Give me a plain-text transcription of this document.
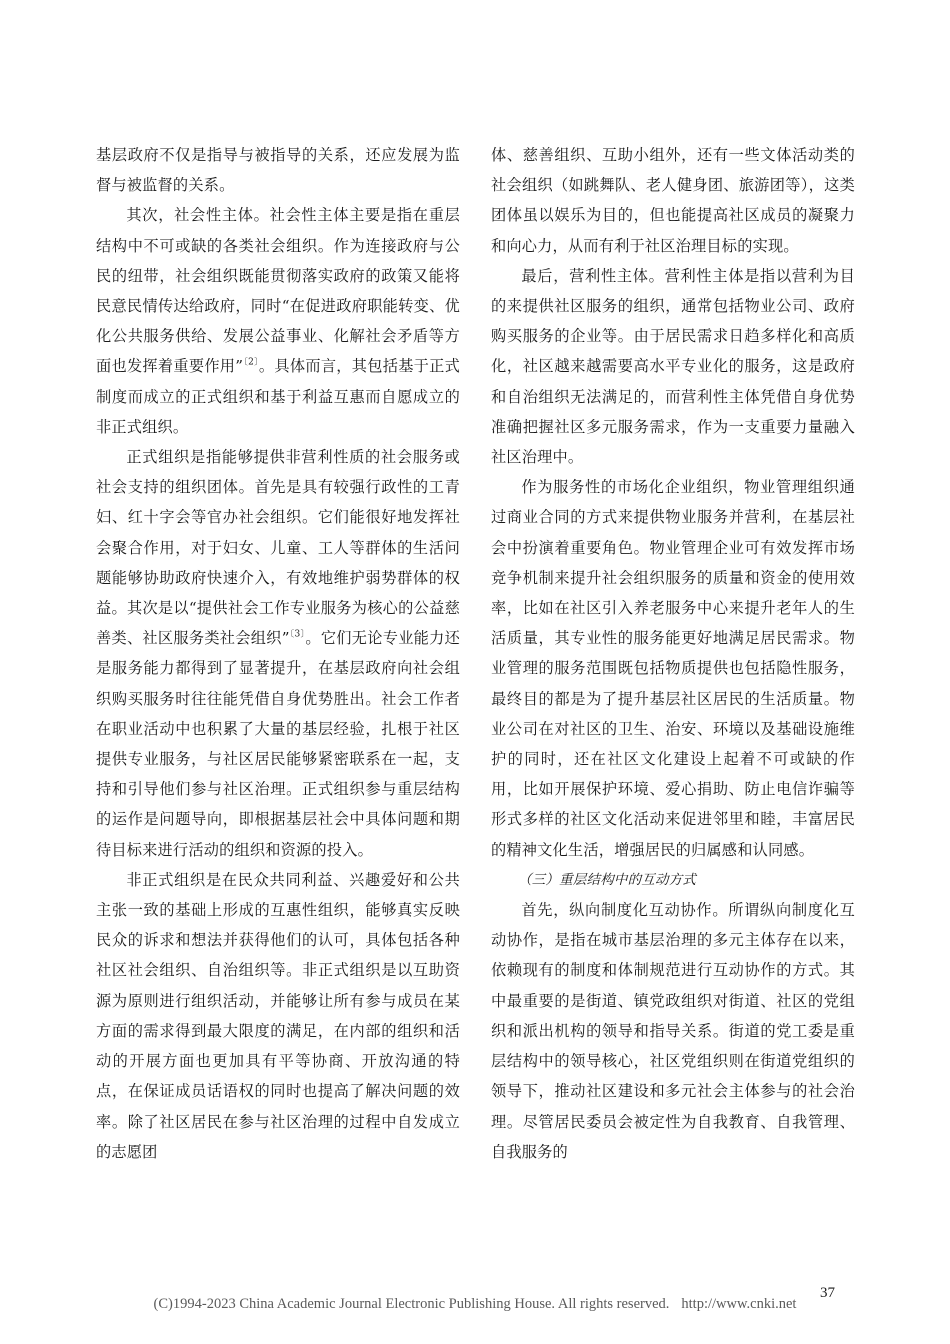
基层政府不仅是指导与被指导的关系，还应发展为监督与被监督的关系。

其次，社会性主体。社会性主体主要是指在重层结构中不可或缺的各类社会组织。作为连接政府与公民的纽带，社会组织既能贯彻落实政府的政策又能将民意民情传达给政府，同时“在促进政府职能转变、优化公共服务供给、发展公益事业、化解社会矛盾等方面也发挥着重要作用”$^{〔2〕}$。具体而言，其包括基于正式制度而成立的正式组织和基于利益互惠而自愿成立的非正式组织。

正式组织是指能够提供非营利性质的社会服务或社会支持的组织团体。首先是具有较强行政性的工青妇、红十字会等官办社会组织。它们能很好地发挥社会聚合作用，对于妇女、儿童、工人等群体的生活问题能够协助政府快速介入，有效地维护弱势群体的权益。其次是以“提供社会工作专业服务为核心的公益慈善类、社区服务类社会组织”$^{〔3〕}$。它们无论专业能力还是服务能力都得到了显著提升，在基层政府向社会组织购买服务时往往能凭借自身优势胜出。社会工作者在职业活动中也积累了大量的基层经验，扎根于社区提供专业服务，与社区居民能够紧密联系在一起，支持和引导他们参与社区治理。正式组织参与重层结构的运作是问题导向，即根据基层社会中具体问题和期待目标来进行活动的组织和资源的投入。

非正式组织是在民众共同利益、兴趣爱好和公共主张一致的基础上形成的互惠性组织，能够真实反映民众的诉求和想法并获得他们的认可，具体包括各种社区社会组织、自治组织等。非正式组织是以互助资源为原则进行组织活动，并能够让所有参与成员在某方面的需求得到最大限度的满足，在内部的组织和活动的开展方面也更加具有平等协商、开放沟通的特点，在保证成员话语权的同时也提高了解决问题的效率。除了社区居民在参与社区治理的过程中自发成立的志愿团

体、慈善组织、互助小组外，还有一些文体活动类的社会组织（如跳舞队、老人健身团、旅游团等），这类团体虽以娱乐为目的，但也能提高社区成员的凝聚力和向心力，从而有利于社区治理目标的实现。

最后，营利性主体。营利性主体是指以营利为目的来提供社区服务的组织，通常包括物业公司、政府购买服务的企业等。由于居民需求日趋多样化和高质化，社区越来越需要高水平专业化的服务，这是政府和自治组织无法满足的，而营利性主体凭借自身优势准确把握社区多元服务需求，作为一支重要力量融入社区治理中。

作为服务性的市场化企业组织，物业管理组织通过商业合同的方式来提供物业服务并营利，在基层社会中扮演着重要角色。物业管理企业可有效发挥市场竞争机制来提升社会组织服务的质量和资金的使用效率，比如在社区引入养老服务中心来提升老年人的生活质量，其专业性的服务能更好地满足居民需求。物业管理的服务范围既包括物质提供也包括隐性服务，最终目的都是为了提升基层社区居民的生活质量。物业公司在对社区的卫生、治安、环境以及基础设施维护的同时，还在社区文化建设上起着不可或缺的作用，比如开展保护环境、爱心捐助、防止电信诈骗等形式多样的社区文化活动来促进邻里和睦，丰富居民的精神文化生活，增强居民的归属感和认同感。

（三）重层结构中的互动方式

首先，纵向制度化互动协作。所谓纵向制度化互动协作，是指在城市基层治理的多元主体存在以来，依赖现有的制度和体制规范进行互动协作的方式。其中最重要的是街道、镇党政组织对街道、社区的党组织和派出机构的领导和指导关系。街道的党工委是重层结构中的领导核心，社区党组织则在街道党组织的领导下，推动社区建设和多元社会主体参与的社会治理。尽管居民委员会被定性为自我教育、自我管理、自我服务的

37
(C)1994-2023 China Academic Journal Electronic Publishing House. All rights reserved. http://www.cnki.net
